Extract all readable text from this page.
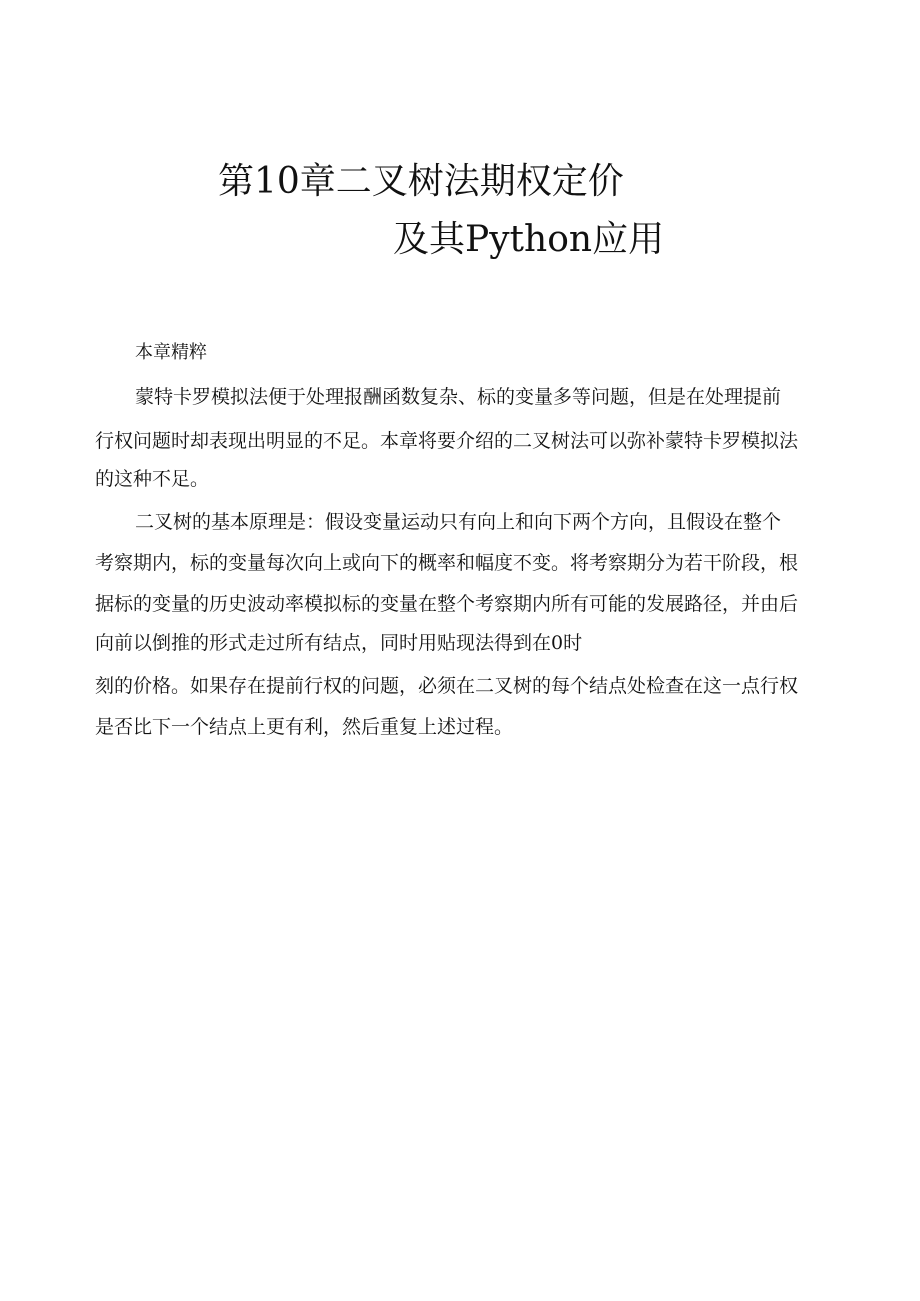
第10章二叉树法期权定价
及其Python应用
本章精粹
蒙特卡罗模拟法便于处理报酬函数复杂、标的变量多等问题，但是在处理提前
行权问题时却表现出明显的不足。本章将要介绍的二叉树法可以弥补蒙特卡罗模拟法
的这种不足。
二叉树的基本原理是：假设变量运动只有向上和向下两个方向，且假设在整个
考察期内，标的变量每次向上或向下的概率和幅度不变。将考察期分为若干阶段，根
据标的变量的历史波动率模拟标的变量在整个考察期内所有可能的发展路径，并由后
向前以倒推的形式走过所有结点，同时用贴现法得到在0时
刻的价格。如果存在提前行权的问题，必须在二叉树的每个结点处检查在这一点行权
是否比下一个结点上更有利，然后重复上述过程。
